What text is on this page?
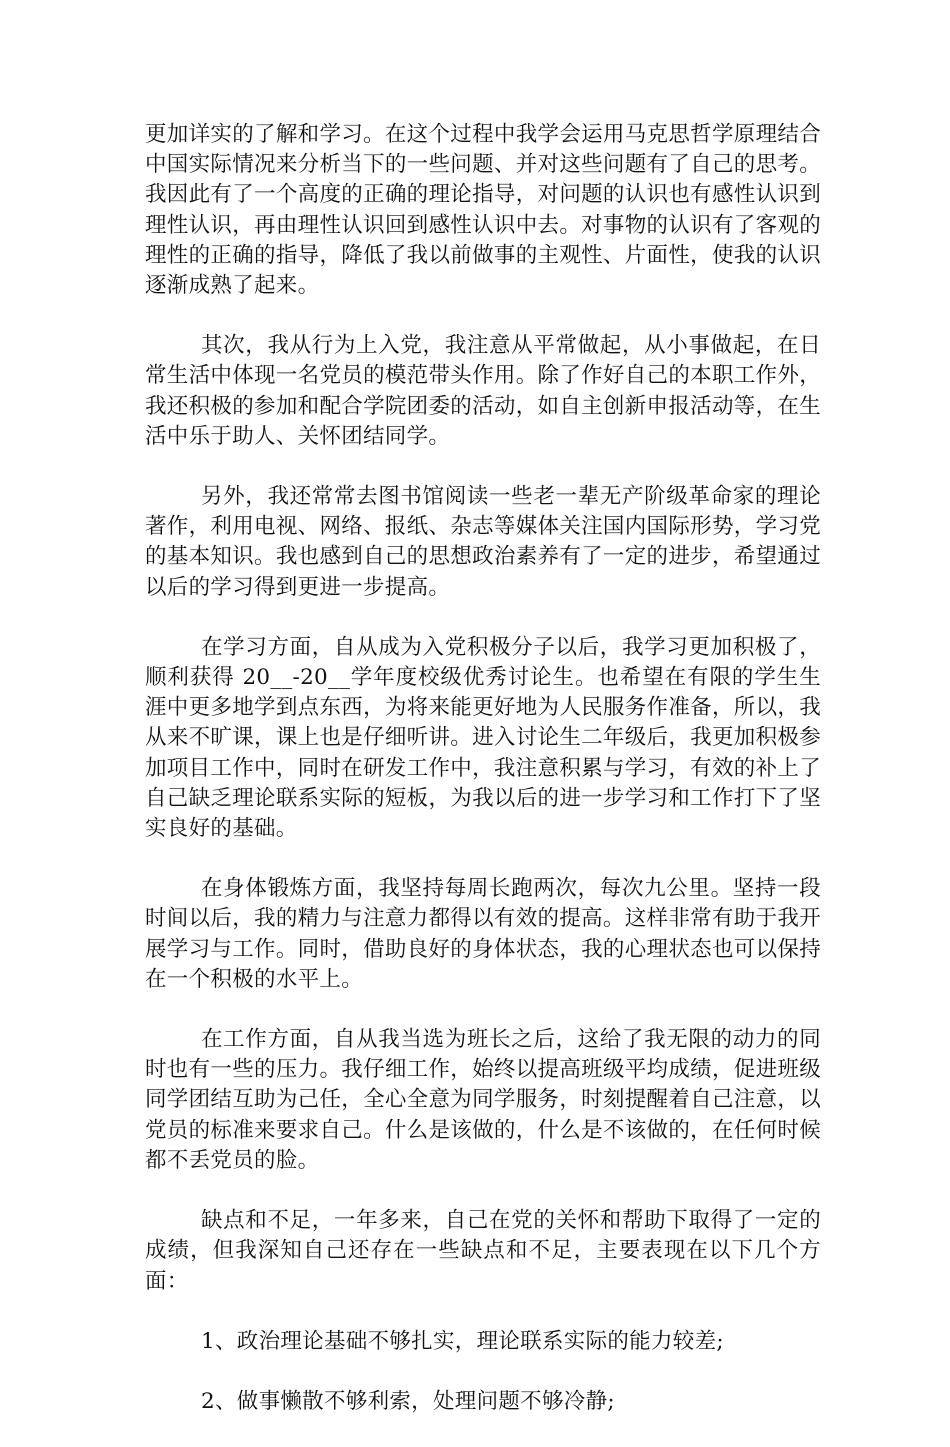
更加详实的了解和学习。在这个过程中我学会运用马克思哲学原理结合中国实际情况来分析当下的一些问题、并对这些问题有了自己的思考。我因此有了一个高度的正确的理论指导，对问题的认识也有感性认识到理性认识，再由理性认识回到感性认识中去。对事物的认识有了客观的理性的正确的指导，降低了我以前做事的主观性、片面性，使我的认识逐渐成熟了起来。

其次，我从行为上入党，我注意从平常做起，从小事做起，在日常生活中体现一名党员的模范带头作用。除了作好自己的本职工作外，我还积极的参加和配合学院团委的活动，如自主创新申报活动等，在生活中乐于助人、关怀团结同学。

另外，我还常常去图书馆阅读一些老一辈无产阶级革命家的理论著作，利用电视、网络、报纸、杂志等媒体关注国内国际形势，学习党的基本知识。我也感到自己的思想政治素养有了一定的进步，希望通过以后的学习得到更进一步提高。

在学习方面，自从成为入党积极分子以后，我学习更加积极了，顺利获得 20__-20__学年度校级优秀讨论生。也希望在有限的学生生涯中更多地学到点东西，为将来能更好地为人民服务作准备，所以，我从来不旷课，课上也是仔细听讲。进入讨论生二年级后，我更加积极参加项目工作中，同时在研发工作中，我注意积累与学习，有效的补上了自己缺乏理论联系实际的短板，为我以后的进一步学习和工作打下了坚实良好的基础。

在身体锻炼方面，我坚持每周长跑两次，每次九公里。坚持一段时间以后，我的精力与注意力都得以有效的提高。这样非常有助于我开展学习与工作。同时，借助良好的身体状态，我的心理状态也可以保持在一个积极的水平上。

在工作方面，自从我当选为班长之后，这给了我无限的动力的同时也有一些的压力。我仔细工作，始终以提高班级平均成绩，促进班级同学团结互助为己任，全心全意为同学服务，时刻提醒着自己注意，以党员的标准来要求自己。什么是该做的，什么是不该做的，在任何时候都不丢党员的脸。

缺点和不足，一年多来，自己在党的关怀和帮助下取得了一定的成绩，但我深知自己还存在一些缺点和不足，主要表现在以下几个方面：

1、政治理论基础不够扎实，理论联系实际的能力较差;

2、做事懒散不够利索，处理问题不够冷静;
